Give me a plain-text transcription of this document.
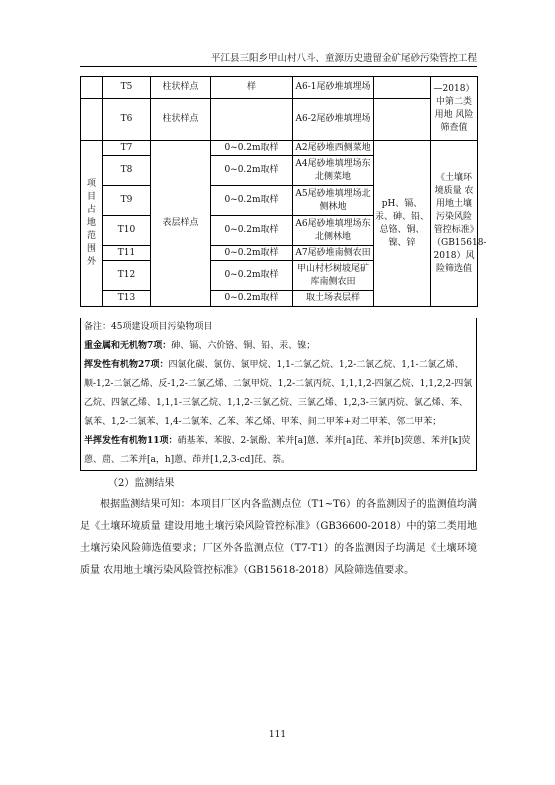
平江县三阳乡甲山村八斗、童源历史遗留金矿尾砂污染管控工程
	T5	柱状样点	样	A6-1尾砂堆填埋场		—2018）中第二类用地 风险筛查值
	T6	柱状样点		A6-2尾砂堆填埋场		
项目占地范围外	T7	表层样点	0~0.2m取样	A2尾砂堆西侧菜地	pH、镉、汞、砷、铅、总铬、铜、镍、锌	《土壤环境质量 农用地土壤污染风险管控标准》（GB15618-2018）风险筛选值
	T8		0~0.2m取样	A4尾砂堆填埋场东北侧菜地		
	T9		0~0.2m取样	A5尾砂堆填埋场北侧林地		
	T10		0~0.2m取样	A6尾砂堆填埋场东北侧林地		
	T11		0~0.2m取样	A7尾砂堆南侧农田		
	T12		0~0.2m取样	甲山村杉树坡尾矿库南侧农田		
	T13		0~0.2m取样	取土场表层样		
备注：45项建设项目污染物项目
重金属和无机物7项：砷、镉、六价铬、铜、铅、汞、镍；
挥发性有机物27项：四氯化碳、氯仿、氯甲烷、1,1-二氯乙烷、1,2-二氯乙烷、1,1-二氯乙烯、顺-1,2-二氯乙烯、反-1,2-二氯乙烯、二氯甲烷、1,2-二氯丙烷、1,1,1,2-四氯乙烷、1,1,2,2-四氯乙烷、四氯乙烯、1,1,1-三氯乙烷、1,1,2-三氯乙烷、三氯乙烯、1,2,3-三氯丙烷、氯乙烯、苯、氯苯、1,2-二氯苯、1,4-二氯苯、乙苯、苯乙烯、甲苯、间二甲苯+对二甲苯、邻二甲苯；
半挥发性有机物11项：硝基苯、苯胺、2-氯酚、苯并[a]蒽、苯并[a]芘、苯并[b]荧蒽、苯并[k]荧蒽、䓛、二苯并[a，h]蒽、茚并[1,2,3-cd]芘、萘。
（2）监测结果
根据监测结果可知：本项目厂区内各监测点位（T1~T6）的各监测因子的监测值均满足《土壤环境质量 建设用地土壤污染风险管控标准》（GB36600-2018）中的第二类用地土壤污染风险筛选值要求；厂区外各监测点位（T7-T1）的各监测因子均满足《土壤环境质量 农用地土壤污染风险管控标准》（GB15618-2018）风险筛选值要求。
111
